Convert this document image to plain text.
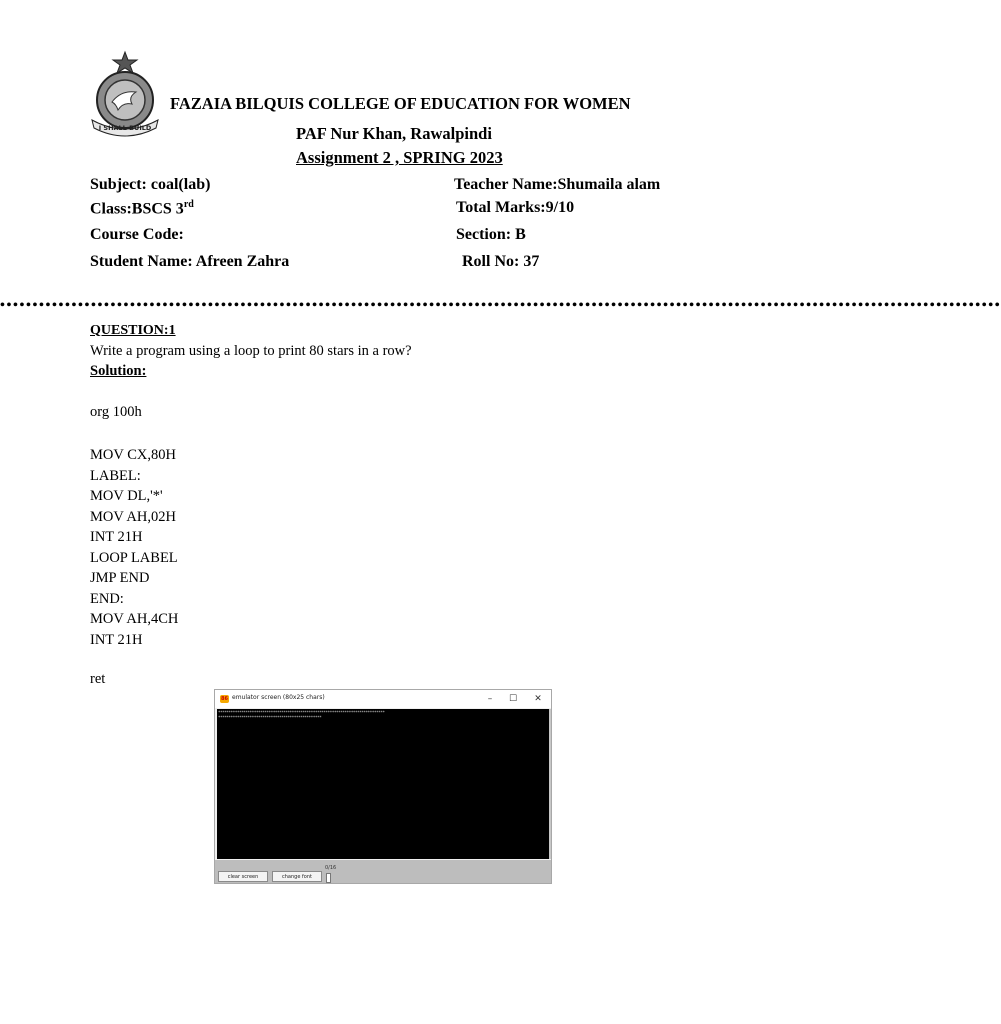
I SHALL BUILD
FAZAIA BILQUIS COLLEGE OF EDUCATION FOR WOMEN
PAF Nur Khan, Rawalpindi
Assignment 2 , SPRING 2023
Subject: coal(lab)	Teacher Name:Shumaila alam
Class:BSCS 3rd	Total Marks:9/10
Course Code:	Section: B
Student Name: Afreen Zahra	Roll No: 37
••••••••••••••••••••••••••••••••••••••••••••••••••••••••••••••••••••••••••••••••••••••••••••••••••••••••••••••••••••••••••••••••••••••••••••••••••••••••••
QUESTION:1
Write a program using a loop to print 80 stars in a row?
Solution:
org 100h
MOV CX,80H
LABEL:
MOV DL,'*'
MOV AH,02H
INT 21H
LOOP LABEL
JMP END
END:
MOV AH,4CH
INT 21H
ret
86 emulator screen (80x25 chars)	–	☐	✕
*******************************************************************************
*************************************************
clear screen	change font
0/16
